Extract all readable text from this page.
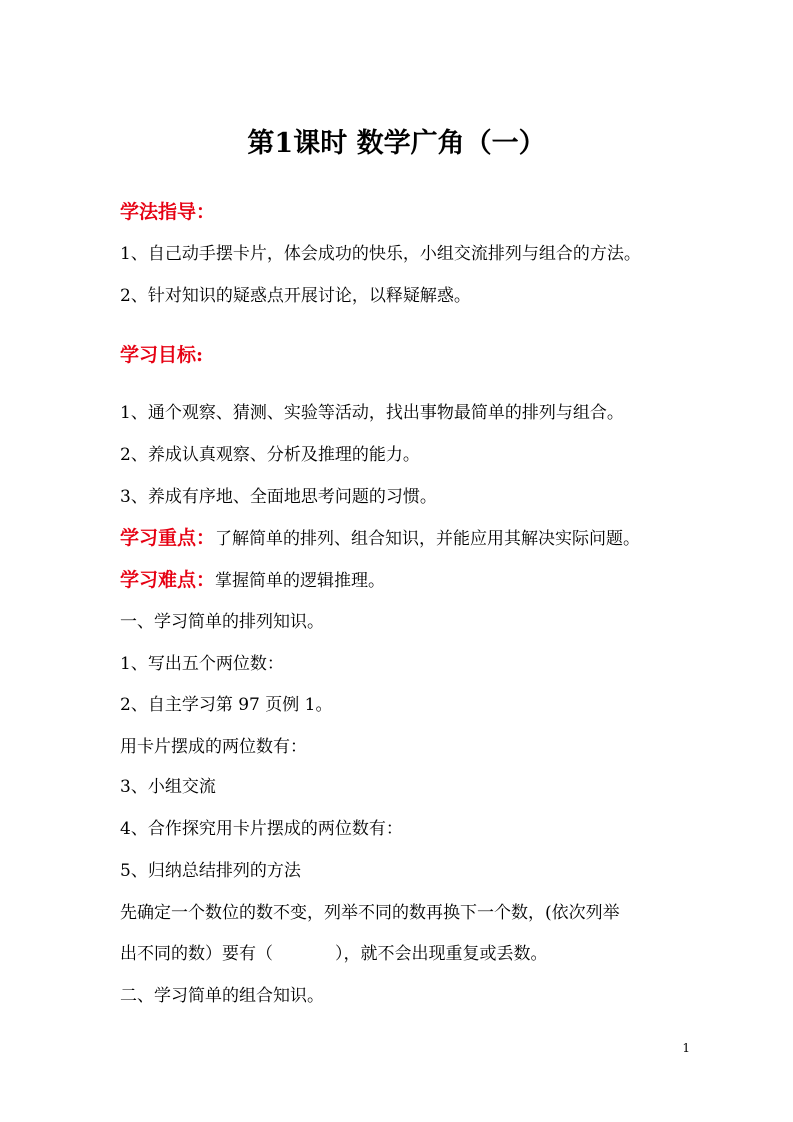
第1课时 数学广角（一）
学法指导：
1、自己动手摆卡片，体会成功的快乐，小组交流排列与组合的方法。
2、针对知识的疑惑点开展讨论，以释疑解惑。
学习目标:
1、通个观察、猜测、实验等活动，找出事物最简单的排列与组合。
2、养成认真观察、分析及推理的能力。
3、养成有序地、全面地思考问题的习惯。
学习重点：了解简单的排列、组合知识，并能应用其解决实际问题。
学习难点：掌握简单的逻辑推理。
一、学习简单的排列知识。
1、写出五个两位数：
2、自主学习第 97 页例 1。
用卡片摆成的两位数有：
3、小组交流
4、合作探究用卡片摆成的两位数有：
5、归纳总结排列的方法
先确定一个数位的数不变，列举不同的数再换下一个数，(依次列举
出不同的数）要有（	），就不会出现重复或丢数。
二、学习简单的组合知识。
1
